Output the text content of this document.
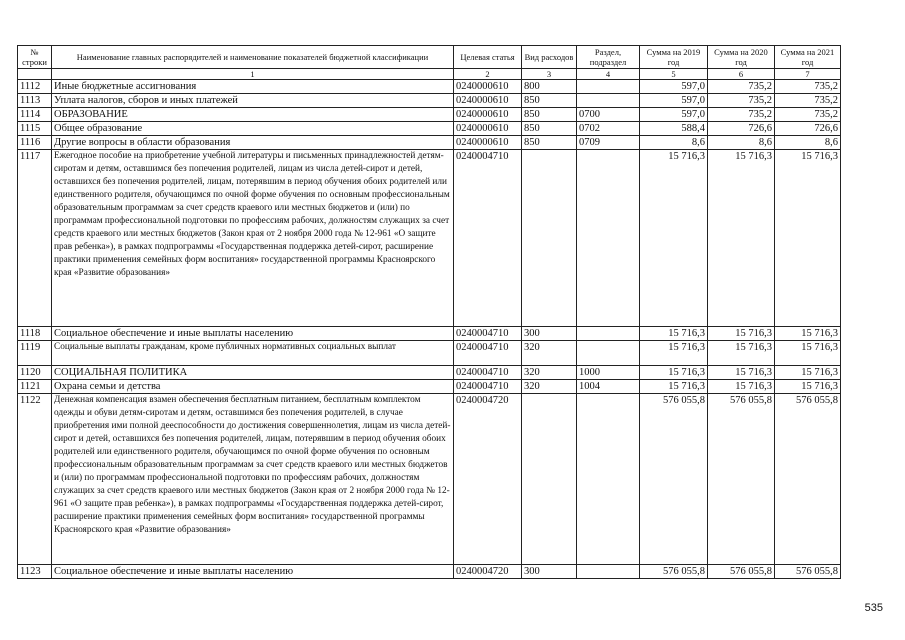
№ строки	Наименование главных распорядителей и наименование показателей бюджетной классификации	Целевая статья	Вид расходов	Раздел, подраздел	Сумма на 2019 год	Сумма на 2020 год	Сумма на 2021 год
	1	2	3	4	5	6	7
1112	Иные бюджетные ассигнования	0240000610	800		597,0	735,2	735,2
1113	Уплата налогов, сборов и иных платежей	0240000610	850		597,0	735,2	735,2
1114	ОБРАЗОВАНИЕ	0240000610	850	0700	597,0	735,2	735,2
1115	Общее образование	0240000610	850	0702	588,4	726,6	726,6
1116	Другие вопросы в области образования	0240000610	850	0709	8,6	8,6	8,6
1117	Ежегодное пособие на приобретение учебной литературы и письменных принадлежностей детям-сиротам и детям, оставшимся без попечения родителей, лицам из числа детей-сирот и детей, оставшихся без попечения родителей, лицам, потерявшим в период обучения обоих родителей или единственного родителя, обучающимся по очной форме обучения по основным профессиональным образовательным программам за счет средств краевого или местных бюджетов и (или) по программам профессиональной подготовки по профессиям рабочих, должностям служащих за счет средств краевого или местных бюджетов (Закон края от 2 ноября 2000 года № 12-961 «О защите прав ребенка»), в рамках подпрограммы «Государственная поддержка детей-сирот, расширение практики применения семейных форм воспитания» государственной программы Красноярского края «Развитие образования»	0240004710			15 716,3	15 716,3	15 716,3
1118	Социальное обеспечение и иные выплаты населению	0240004710	300		15 716,3	15 716,3	15 716,3
1119	Социальные выплаты гражданам, кроме публичных нормативных социальных выплат	0240004710	320		15 716,3	15 716,3	15 716,3
1120	СОЦИАЛЬНАЯ ПОЛИТИКА	0240004710	320	1000	15 716,3	15 716,3	15 716,3
1121	Охрана семьи и детства	0240004710	320	1004	15 716,3	15 716,3	15 716,3
1122	Денежная компенсация взамен обеспечения бесплатным питанием, бесплатным комплектом одежды и обуви детям-сиротам и детям, оставшимся без попечения родителей, в случае приобретения ими полной дееспособности до достижения совершеннолетия, лицам из числа детей-сирот и детей, оставшихся без попечения родителей, лицам, потерявшим в период обучения обоих родителей или единственного родителя, обучающимся по очной форме обучения по основным профессиональным образовательным программам за счет средств краевого или местных бюджетов и (или) по программам профессиональной подготовки по профессиям рабочих, должностям служащих за счет средств краевого или местных бюджетов (Закон края от 2 ноября 2000 года № 12-961 «О защите прав ребенка»), в рамках подпрограммы «Государственная поддержка детей-сирот, расширение практики применения семейных форм воспитания» государственной программы Красноярского края «Развитие образования»	0240004720			576 055,8	576 055,8	576 055,8
1123	Социальное обеспечение и иные выплаты населению	0240004720	300		576 055,8	576 055,8	576 055,8
535
